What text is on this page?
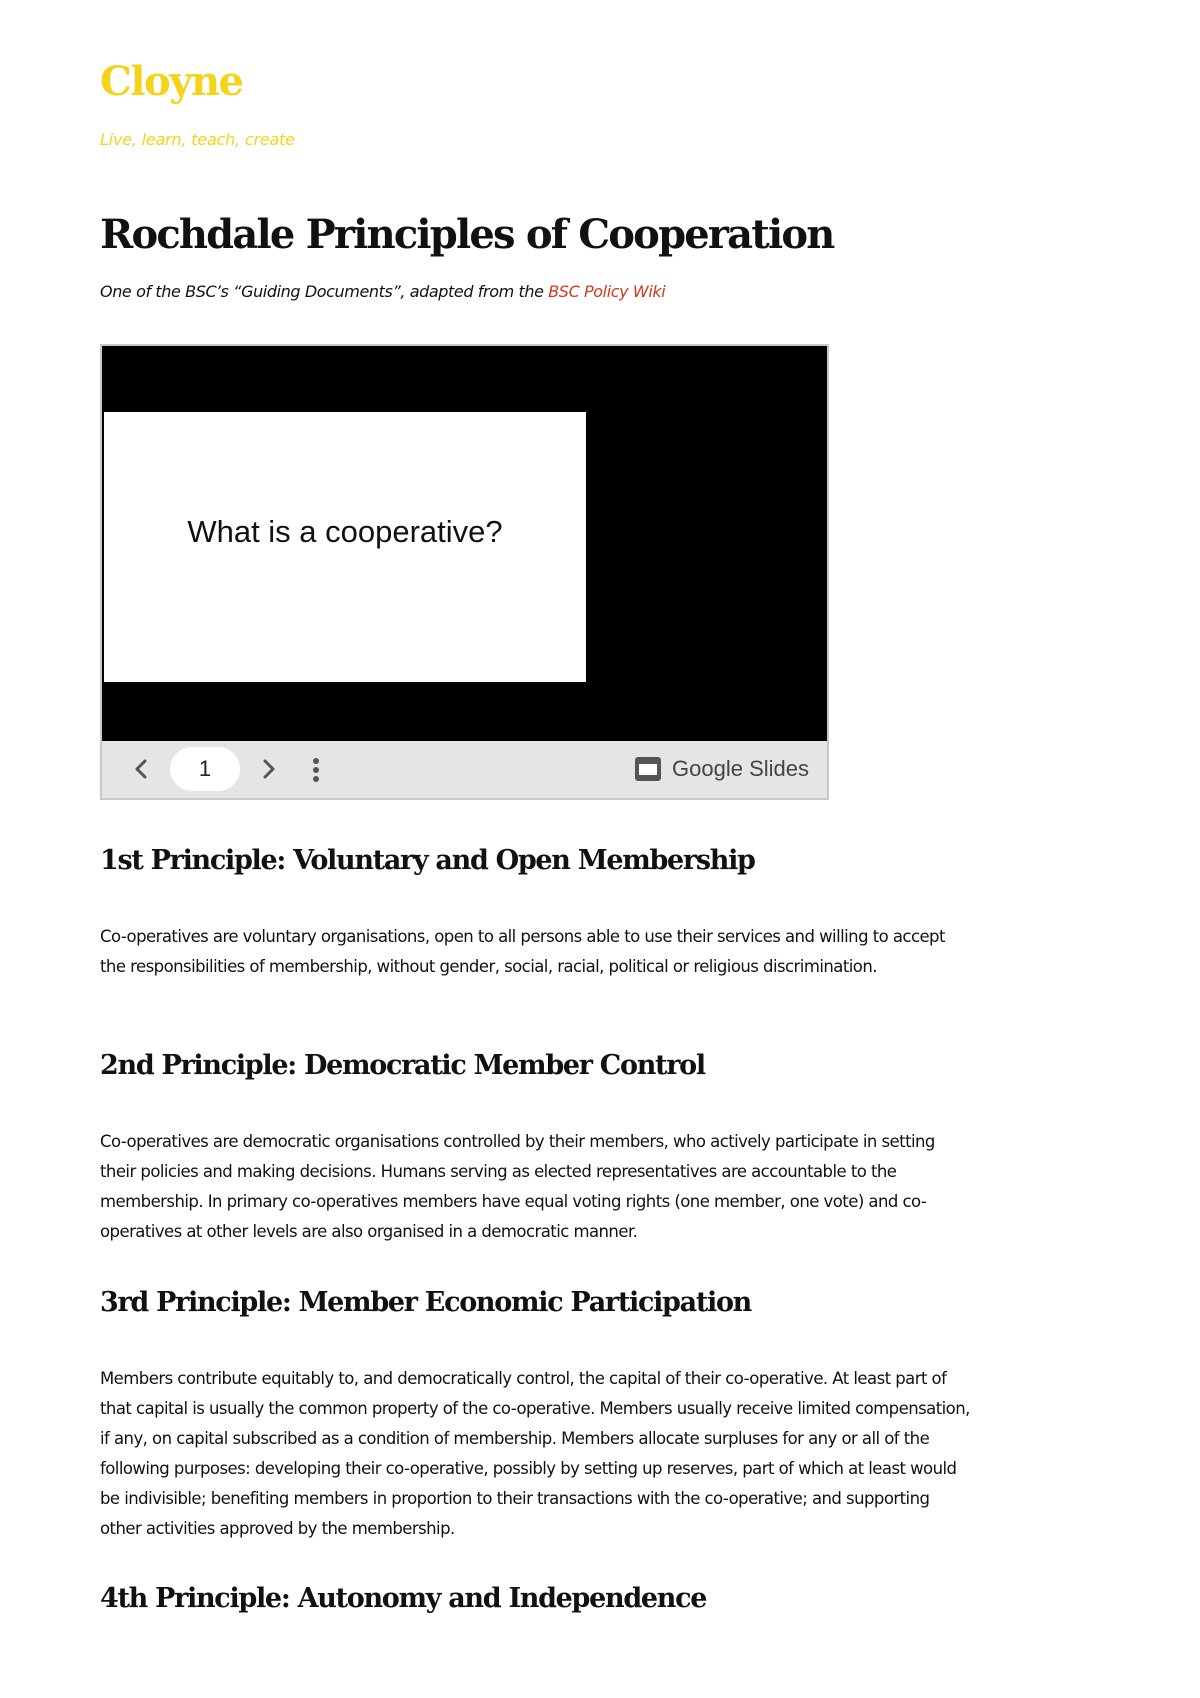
Cloyne
Live, learn, teach, create
Rochdale Principles of Cooperation
One of the BSC’s “Guiding Documents”, adapted from the BSC Policy Wiki
What is a cooperative?
1	Google Slides
1st Principle: Voluntary and Open Membership

Co-operatives are voluntary organisations, open to all persons able to use their services and willing to accept the responsibilities of membership, without gender, social, racial, political or religious discrimination.

2nd Principle: Democratic Member Control

Co-operatives are democratic organisations controlled by their members, who actively participate in setting their policies and making decisions. Humans serving as elected representatives are accountable to the membership. In primary co-operatives members have equal voting rights (one member, one vote) and co-operatives at other levels are also organised in a democratic manner.

3rd Principle: Member Economic Participation

Members contribute equitably to, and democratically control, the capital of their co-operative. At least part of that capital is usually the common property of the co-operative. Members usually receive limited compensation, if any, on capital subscribed as a condition of membership. Members allocate surpluses for any or all of the following purposes: developing their co-operative, possibly by setting up reserves, part of which at least would be indivisible; benefiting members in proportion to their transactions with the co-operative; and supporting other activities approved by the membership.

4th Principle: Autonomy and Independence
